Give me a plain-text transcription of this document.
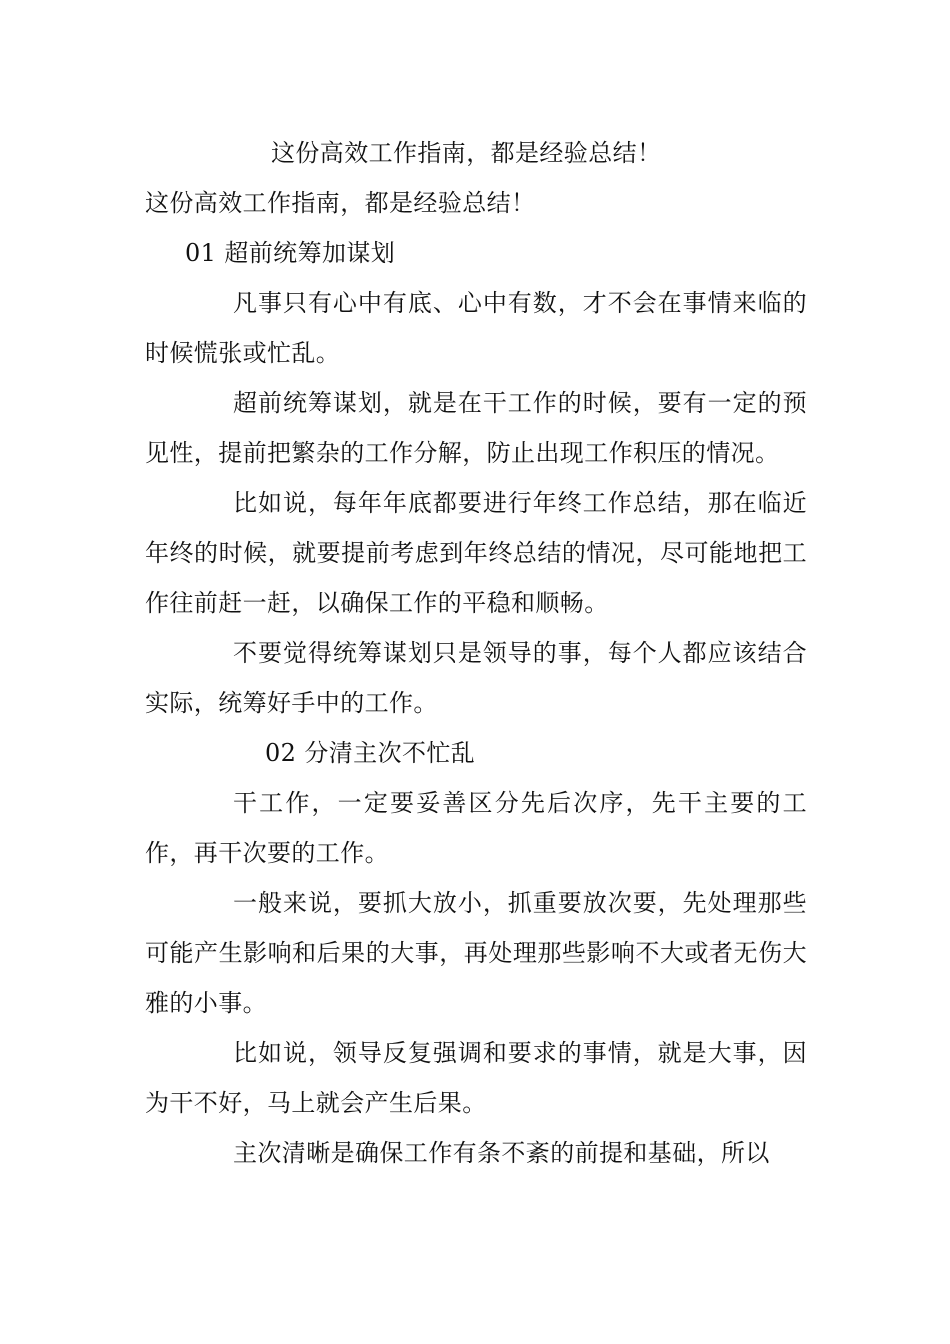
这份高效工作指南，都是经验总结！

这份高效工作指南，都是经验总结！

01 超前统筹加谋划

凡事只有心中有底、心中有数，才不会在事情来临的时候慌张或忙乱。

超前统筹谋划，就是在干工作的时候，要有一定的预见性，提前把繁杂的工作分解，防止出现工作积压的情况。

比如说，每年年底都要进行年终工作总结，那在临近年终的时候，就要提前考虑到年终总结的情况，尽可能地把工作往前赶一赶，以确保工作的平稳和顺畅。

不要觉得统筹谋划只是领导的事，每个人都应该结合实际，统筹好手中的工作。

02 分清主次不忙乱

干工作，一定要妥善区分先后次序，先干主要的工作，再干次要的工作。

一般来说，要抓大放小，抓重要放次要，先处理那些可能产生影响和后果的大事，再处理那些影响不大或者无伤大雅的小事。

比如说，领导反复强调和要求的事情，就是大事，因为干不好，马上就会产生后果。

主次清晰是确保工作有条不紊的前提和基础，所以
